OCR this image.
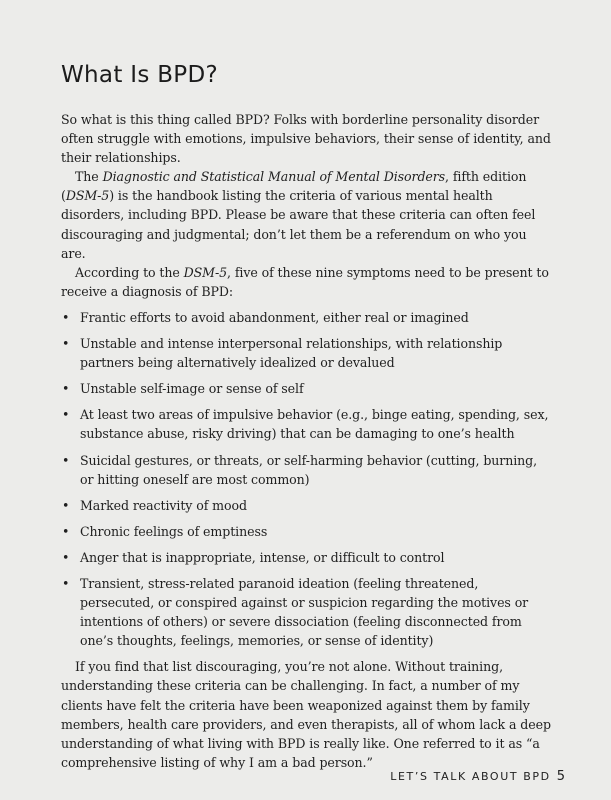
What Is BPD?

So what is this thing called BPD? Folks with borderline personality disorder often struggle with emotions, impulsive behaviors, their sense of identity, and their relationships.

The Diagnostic and Statistical Manual of Mental Disorders, fifth edition (DSM-5) is the handbook listing the criteria of various mental health disorders, including BPD. Please be aware that these criteria can often feel discouraging and judgmental; don’t let them be a referendum on who you are.

According to the DSM-5, five of these nine symptoms need to be present to receive a diagnosis of BPD:

• Frantic efforts to avoid abandonment, either real or imagined
• Unstable and intense interpersonal relationships, with relationship partners being alternatively idealized or devalued
• Unstable self-image or sense of self
• At least two areas of impulsive behavior (e.g., binge eating, spending, sex, substance abuse, risky driving) that can be damaging to one’s health
• Suicidal gestures, or threats, or self-harming behavior (cutting, burning, or hitting oneself are most common)
• Marked reactivity of mood
• Chronic feelings of emptiness
• Anger that is inappropriate, intense, or difficult to control
• Transient, stress-related paranoid ideation (feeling threatened, persecuted, or conspired against or suspicion regarding the motives or intentions of others) or severe dissociation (feeling disconnected from one’s thoughts, feelings, memories, or sense of identity)

If you find that list discouraging, you’re not alone. Without training, understanding these criteria can be challenging. In fact, a number of my clients have felt the criteria have been weaponized against them by family members, health care providers, and even therapists, all of whom lack a deep understanding of what living with BPD is really like. One referred to it as “a comprehensive listing of why I am a bad person.”

LET’S TALK ABOUT BPD 5
